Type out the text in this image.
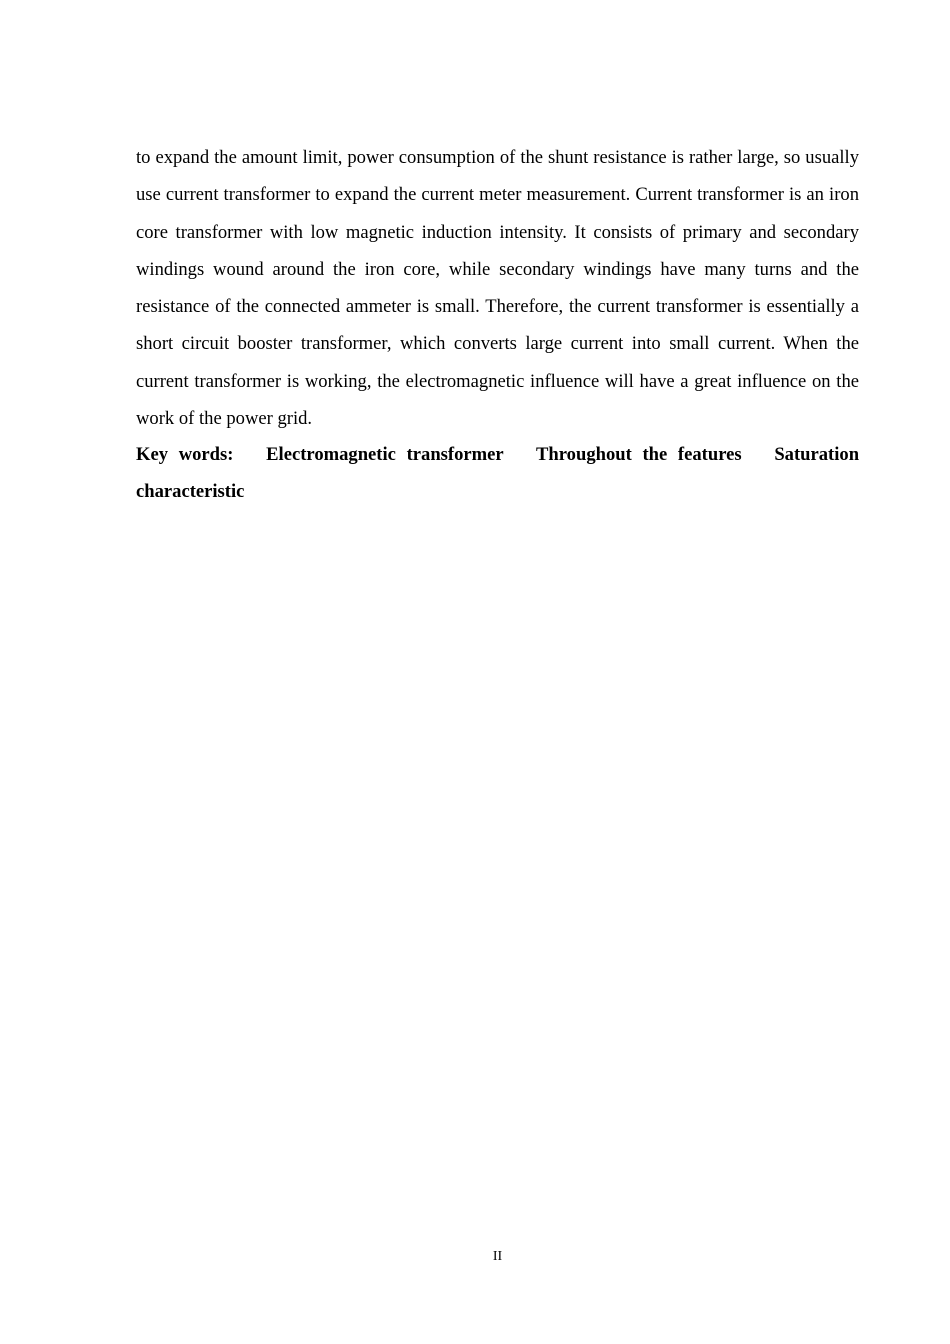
to expand the amount limit, power consumption of the shunt resistance is rather large, so usually use current transformer to expand the current meter measurement. Current transformer is an iron core transformer with low magnetic induction intensity. It consists of primary and secondary windings wound around the iron core, while secondary windings have many turns and the resistance of the connected ammeter is small. Therefore, the current transformer is essentially a short circuit booster transformer, which converts large current into small current. When the current transformer is working, the electromagnetic influence will have a great influence on the work of the power grid.

Key words: Electromagnetic transformer Throughout the features Saturation characteristic

II
